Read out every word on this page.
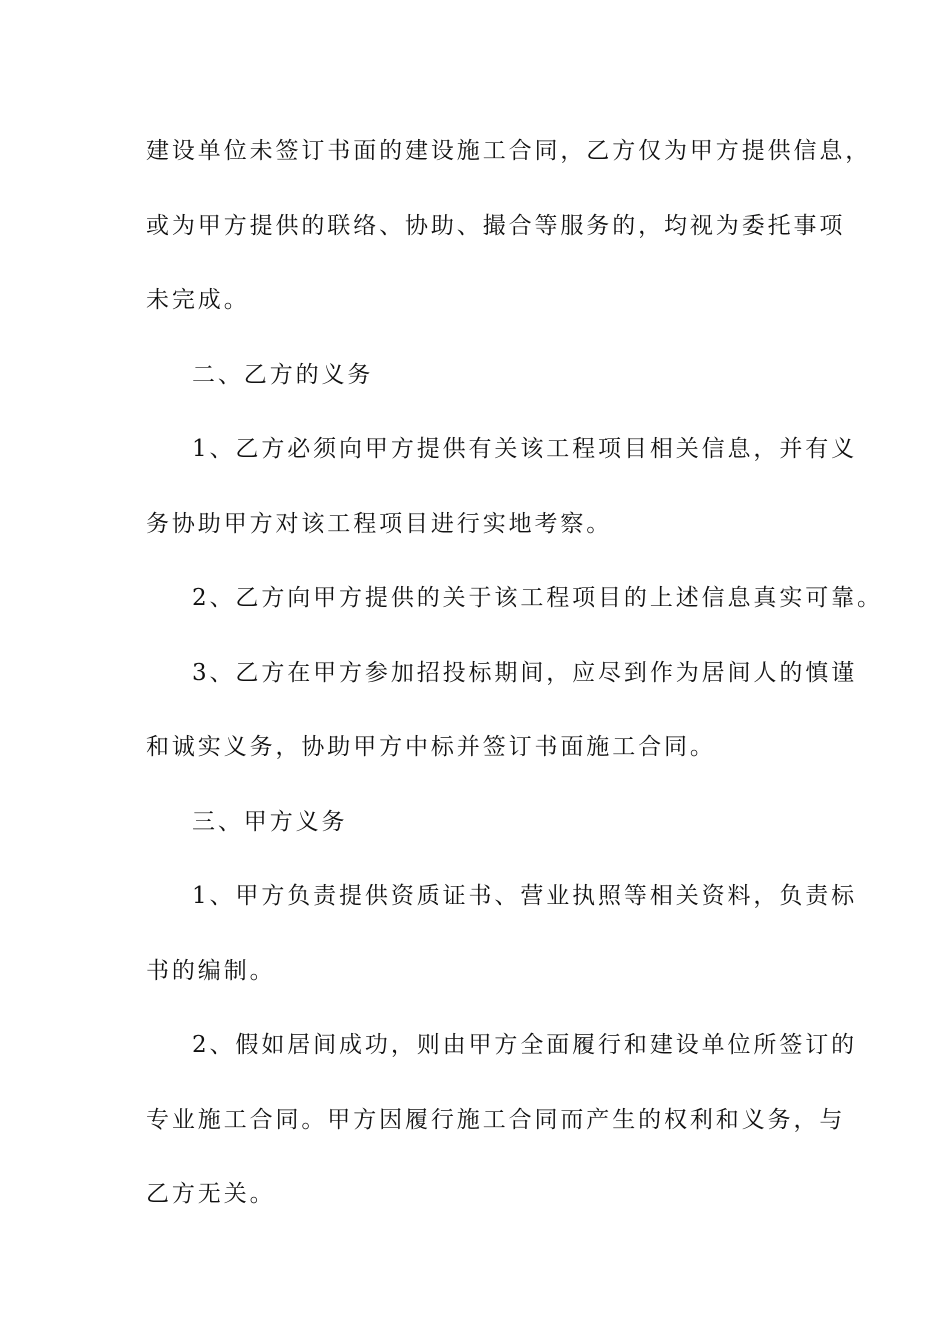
建设单位未签订书面的建设施工合同，乙方仅为甲方提供信息，
或为甲方提供的联络、协助、撮合等服务的，均视为委托事项
未完成。
二、乙方的义务
1、乙方必须向甲方提供有关该工程项目相关信息，并有义
务协助甲方对该工程项目进行实地考察。
2、乙方向甲方提供的关于该工程项目的上述信息真实可靠。
3、乙方在甲方参加招投标期间，应尽到作为居间人的慎谨
和诚实义务，协助甲方中标并签订书面施工合同。
三、甲方义务
1、甲方负责提供资质证书、营业执照等相关资料，负责标
书的编制。
2、假如居间成功，则由甲方全面履行和建设单位所签订的
专业施工合同。甲方因履行施工合同而产生的权利和义务，与
乙方无关。
